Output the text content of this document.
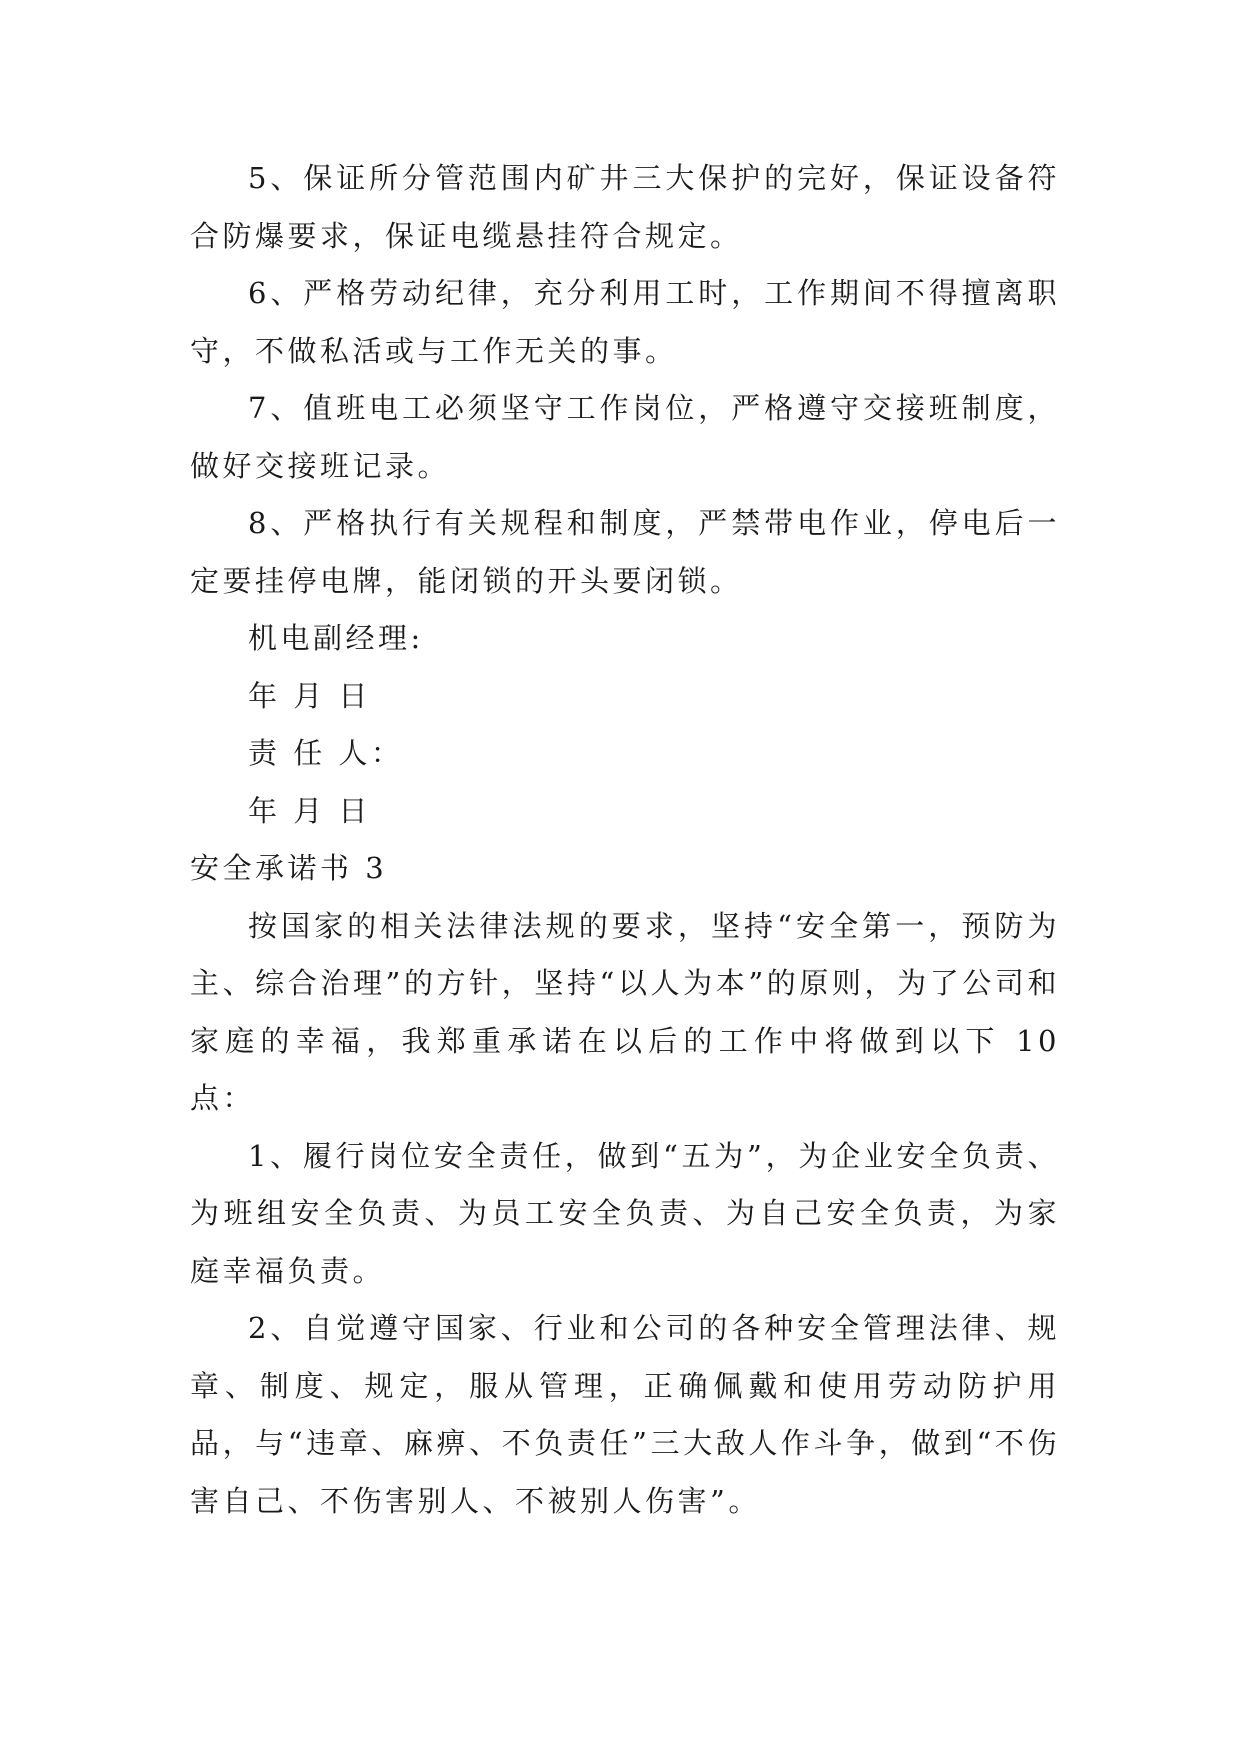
5、保证所分管范围内矿井三大保护的完好，保证设备符合防爆要求，保证电缆悬挂符合规定。

6、严格劳动纪律，充分利用工时，工作期间不得擅离职守，不做私活或与工作无关的事。

7、值班电工必须坚守工作岗位，严格遵守交接班制度，做好交接班记录。

8、严格执行有关规程和制度，严禁带电作业，停电后一定要挂停电牌，能闭锁的开头要闭锁。

机电副经理:

年 月 日

责 任 人：

年 月 日

安全承诺书 3

按国家的相关法律法规的要求，坚持“安全第一，预防为主、综合治理”的方针，坚持“以人为本”的原则，为了公司和家庭的幸福，我郑重承诺在以后的工作中将做到以下 10 点：

1、履行岗位安全责任，做到“五为”，为企业安全负责、为班组安全负责、为员工安全负责、为自己安全负责，为家庭幸福负责。

2、自觉遵守国家、行业和公司的各种安全管理法律、规章、制度、规定，服从管理，正确佩戴和使用劳动防护用品，与“违章、麻痹、不负责任”三大敌人作斗争，做到“不伤害自己、不伤害别人、不被别人伤害”。
